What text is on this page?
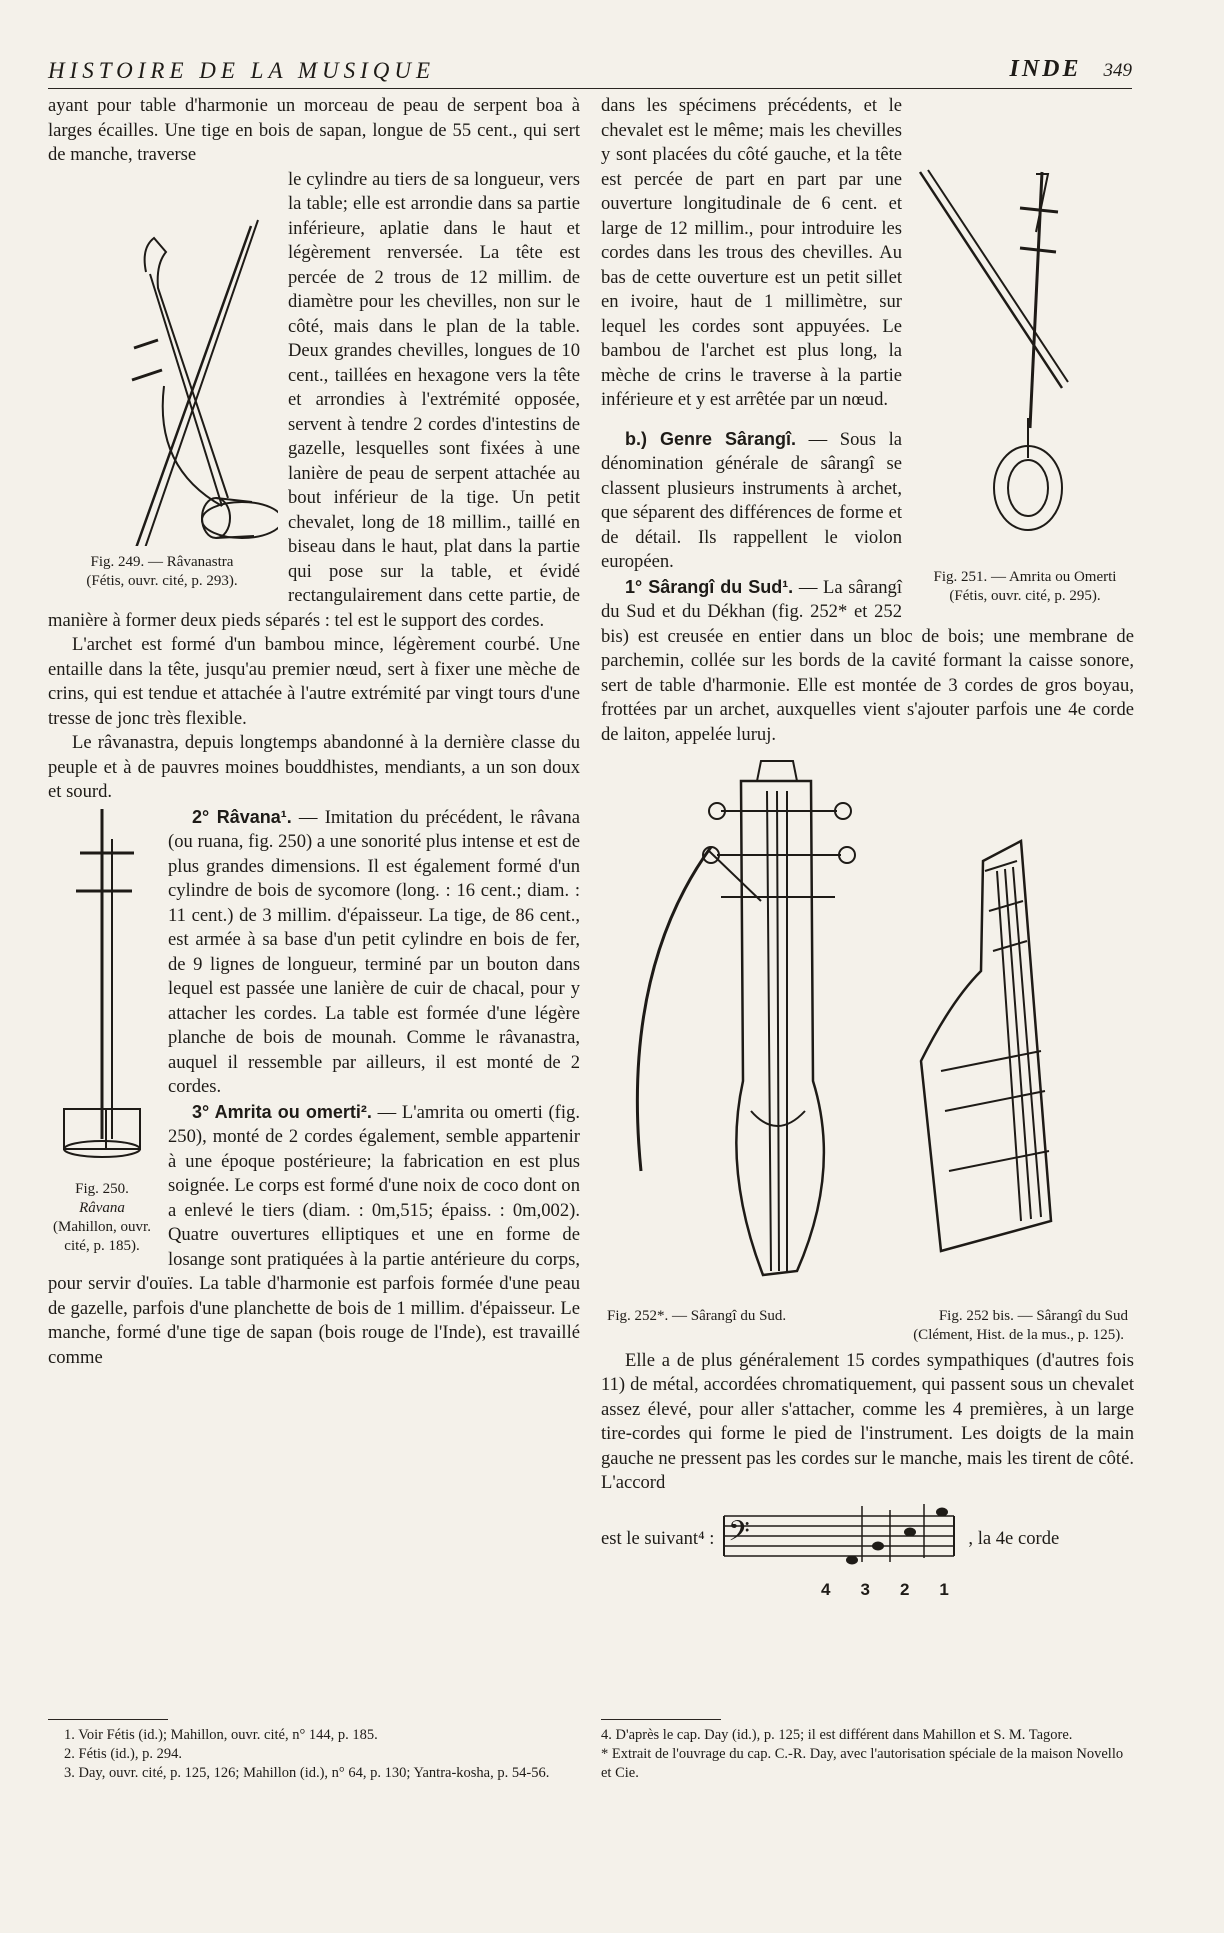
HISTOIRE DE LA MUSIQUE	INDE 349

ayant pour table d'harmonie un morceau de peau de serpent boa à larges écailles. Une tige en bois de sapan, longue de 55 cent., qui sert de manche, traverse

Fig. 249. — Râvanastra
(Fétis, ouvr. cité, p. 293).

le cylindre au tiers de sa longueur, vers la table; elle est arrondie dans sa partie inférieure, aplatie dans le haut et légèrement renversée. La tête est percée de 2 trous de 12 millim. de diamètre pour les chevilles, non sur le côté, mais dans le plan de la table. Deux grandes chevilles, longues de 10 cent., taillées en hexagone vers la tête et arrondies à l'extrémité opposée, servent à tendre 2 cordes d'intestins de gazelle, lesquelles sont fixées à une lanière de peau de serpent attachée au bout inférieur de la tige. Un petit chevalet, long de 18 millim., taillé en biseau dans le haut, plat dans la partie qui pose sur la table, et évidé rectangulairement dans cette partie, de manière à former deux pieds séparés : tel est le support des cordes.

L'archet est formé d'un bambou mince, légèrement courbé. Une entaille dans la tête, jusqu'au premier nœud, sert à fixer une mèche de crins, qui est tendue et attachée à l'autre extrémité par vingt tours d'une tresse de jonc très flexible.

Le râvanastra, depuis longtemps abandonné à la dernière classe du peuple et à de pauvres moines bouddhistes, mendiants, a un son doux et sourd.

Fig. 250.
Râvana
(Mahillon, ouvr. cité, p. 185).

2° Râvana¹. — Imitation du précédent, le râvana (ou ruana, fig. 250) a une sonorité plus intense et est de plus grandes dimensions. Il est également formé d'un cylindre de bois de sycomore (long. : 16 cent.; diam. : 11 cent.) de 3 millim. d'épaisseur. La tige, de 86 cent., est armée à sa base d'un petit cylindre en bois de fer, de 9 lignes de longueur, terminé par un bouton dans lequel est passée une lanière de cuir de chacal, pour y attacher les cordes. La table est formée d'une légère planche de bois de mounah. Comme le râvanastra, auquel il ressemble par ailleurs, il est monté de 2 cordes.

3° Amrita ou omerti². — L'amrita ou omerti (fig. 250), monté de 2 cordes également, semble appartenir à une époque postérieure; la fabrication en est plus soignée. Le corps est formé d'une noix de coco dont on a enlevé le tiers (diam. : 0m,515; épaiss. : 0m,002). Quatre ouvertures elliptiques et une en forme de losange sont pratiquées à la partie antérieure du corps, pour servir d'ouïes. La table d'harmonie est parfois formée d'une peau de gazelle, parfois d'une planchette de bois de 1 millim. d'épaisseur. Le manche, formé d'une tige de sapan (bois rouge de l'Inde), est travaillé comme

Fig. 251. — Amrita ou Omerti
(Fétis, ouvr. cité, p. 295).

dans les spécimens précédents, et le chevalet est le même; mais les chevilles y sont placées du côté gauche, et la tête est percée de part en part par une ouverture longitudinale de 6 cent. et large de 12 millim., pour introduire les cordes dans les trous des chevilles. Au bas de cette ouverture est un petit sillet en ivoire, haut de 1 millimètre, sur lequel les cordes sont appuyées. Le bambou de l'archet est plus long, la mèche de crins le traverse à la partie inférieure et y est arrêtée par un nœud.

b.) Genre Sârangî. — Sous la dénomination générale de sârangî se classent plusieurs instruments à archet, que séparent des différences de forme et de détail. Ils rappellent le violon européen.

1° Sârangî du Sud¹. — La sârangî du Sud et du Dékhan (fig. 252* et 252 bis) est creusée en entier dans un bloc de bois; une membrane de parchemin, collée sur les bords de la cavité formant la caisse sonore, sert de table d'harmonie. Elle est montée de 3 cordes de gros boyau, frottées par un archet, auxquelles vient s'ajouter parfois une 4e corde de laiton, appelée luruj.

Fig. 252*. — Sârangî du Sud.	Fig. 252 bis. — Sârangî du Sud
(Clément, Hist. de la mus., p. 125).

Elle a de plus généralement 15 cordes sympathiques (d'autres fois 11) de métal, accordées chromatiquement, qui passent sous un chevalet assez élevé, pour aller s'attacher, comme les 4 premières, à un large tire-cordes qui forme le pied de l'instrument. Les doigts de la main gauche ne pressent pas les cordes sur le manche, mais les tirent de côté. L'accord

est le suivant⁴ : 𝄢	, la 4e corde
4 3 2 1

1. Voir Fétis (id.); Mahillon, ouvr. cité, n° 144, p. 185.

2. Fétis (id.), p. 294.

3. Day, ouvr. cité, p. 125, 126; Mahillon (id.), n° 64, p. 130; Yantra-kosha, p. 54-56.

4. D'après le cap. Day (id.), p. 125; il est différent dans Mahillon et S. M. Tagore.

* Extrait de l'ouvrage du cap. C.-R. Day, avec l'autorisation spéciale de la maison Novello et Cie.
